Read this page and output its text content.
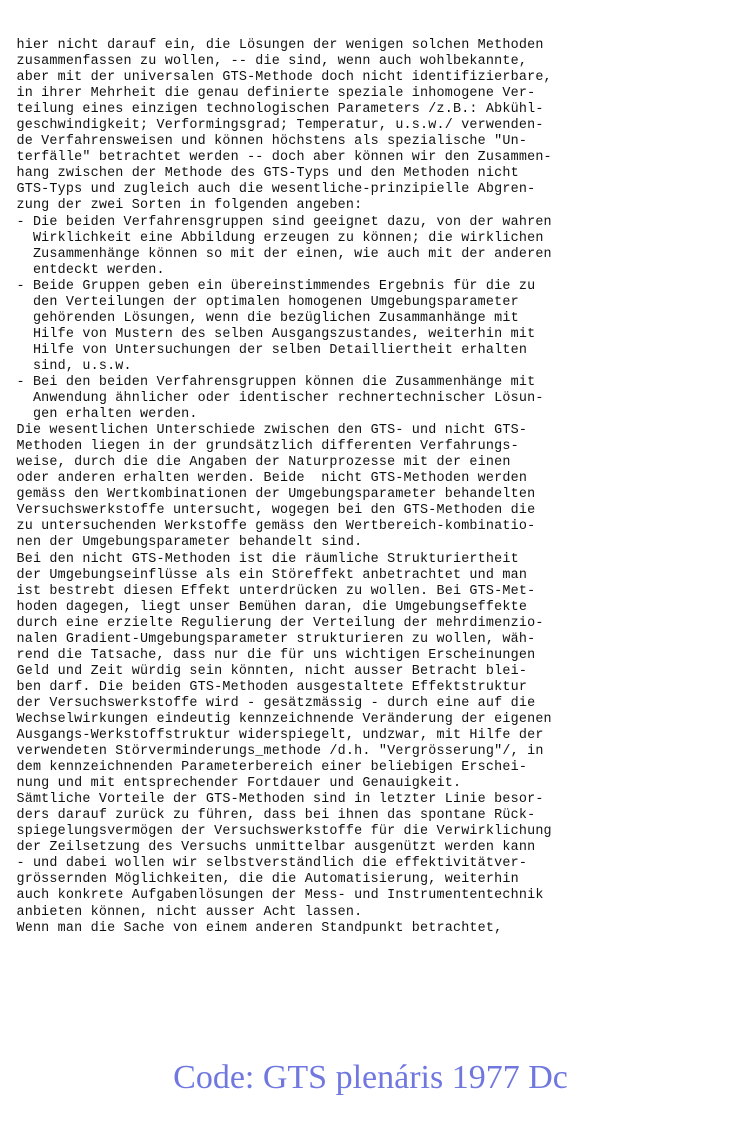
hier nicht darauf ein, die Lösungen der wenigen solchen Methoden
zusammenfassen zu wollen, -- die sind, wenn auch wohlbekannte,
aber mit der universalen GTS-Methode doch nicht identifizierbare,
in ihrer Mehrheit die genau definierte speziale inhomogene Ver-
teilung eines einzigen technologischen Parameters /z.B.: Abkühl-
geschwindigkeit; Verformingsgrad; Temperatur, u.s.w./ verwenden-
de Verfahrensweisen und können höchstens als spezialische "Un-
terfälle" betrachtet werden -- doch aber können wir den Zusammen-
hang zwischen der Methode des GTS-Typs und den Methoden nicht
GTS-Typs und zugleich auch die wesentliche-prinzipielle Abgren-
zung der zwei Sorten in folgenden angeben:
- Die beiden Verfahrensgruppen sind geeignet dazu, von der wahren
Wirklichkeit eine Abbildung erzeugen zu können; die wirklichen
Zusammenhänge können so mit der einen, wie auch mit der anderen
entdeckt werden.
- Beide Gruppen geben ein übereinstimmendes Ergebnis für die zu
den Verteilungen der optimalen homogenen Umgebungsparameter
gehörenden Lösungen, wenn die bezüglichen Zusammanhänge mit
Hilfe von Mustern des selben Ausgangszustandes, weiterhin mit
Hilfe von Untersuchungen der selben Detailliertheit erhalten
sind, u.s.w.
- Bei den beiden Verfahrensgruppen können die Zusammenhänge mit
Anwendung ähnlicher oder identischer rechnertechnischer Lösun-
gen erhalten werden.
Die wesentlichen Unterschiede zwischen den GTS- und nicht GTS-
Methoden liegen in der grundsätzlich differenten Verfahrungs-
weise, durch die die Angaben der Naturprozesse mit der einen
oder anderen erhalten werden. Beide  nicht GTS-Methoden werden
gemäss den Wertkombinationen der Umgebungsparameter behandelten
Versuchswerkstoffe untersucht, wogegen bei den GTS-Methoden die
zu untersuchenden Werkstoffe gemäss den Wertbereich-kombinatio-
nen der Umgebungsparameter behandelt sind.
Bei den nicht GTS-Methoden ist die räumliche Strukturiertheit
der Umgebungseinflüsse als ein Störeffekt anbetrachtet und man
ist bestrebt diesen Effekt unterdrücken zu wollen. Bei GTS-Met-
hoden dagegen, liegt unser Bemühen daran, die Umgebungseffekte
durch eine erzielte Regulierung der Verteilung der mehrdimenzio-
nalen Gradient-Umgebungsparameter strukturieren zu wollen, wäh-
rend die Tatsache, dass nur die für uns wichtigen Erscheinungen
Geld und Zeit würdig sein könnten, nicht ausser Betracht blei-
ben darf. Die beiden GTS-Methoden ausgestaltete Effektstruktur
der Versuchswerkstoffe wird - gesätzmässig - durch eine auf die
Wechselwirkungen eindeutig kennzeichnende Veränderung der eigenen
Ausgangs-Werkstoffstruktur widerspiegelt, undzwar, mit Hilfe der
verwendeten Störverminderungs_methode /d.h. "Vergrösserung"/, in
dem kennzeichnenden Parameterbereich einer beliebigen Erschei-
nung und mit entsprechender Fortdauer und Genauigkeit.
Sämtliche Vorteile der GTS-Methoden sind in letzter Linie besor-
ders darauf zurück zu führen, dass bei ihnen das spontane Rück-
spiegelungsvermögen der Versuchswerkstoffe für die Verwirklichung
der Zeilsetzung des Versuchs unmittelbar ausgenützt werden kann
- und dabei wollen wir selbstverständlich die effektivitätver-
grössernden Möglichkeiten, die die Automatisierung, weiterhin
auch konkrete Aufgabenlösungen der Mess- und Instrumententechnik
anbieten können, nicht ausser Acht lassen.
Wenn man die Sache von einem anderen Standpunkt betrachtet,
Code: GTS plenáris 1977 Dc
